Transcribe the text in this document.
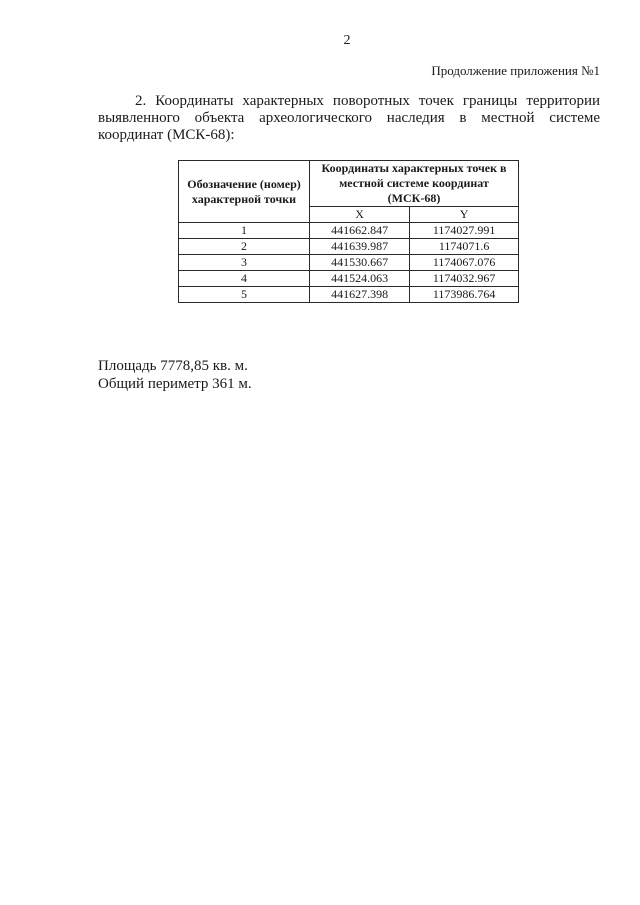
2
Продолжение приложения №1
2. Координаты характерных поворотных точек границы территории выявленного объекта археологического наследия в местной системе координат (МСК-68):
Обозначение (номер) характерной точки	Координаты характерных точек в местной системе координат (МСК-68)	
	X	Y
1	441662.847	1174027.991
2	441639.987	1174071.6
3	441530.667	1174067.076
4	441524.063	1174032.967
5	441627.398	1173986.764
Площадь 7778,85 кв. м.
Общий периметр 361 м.
